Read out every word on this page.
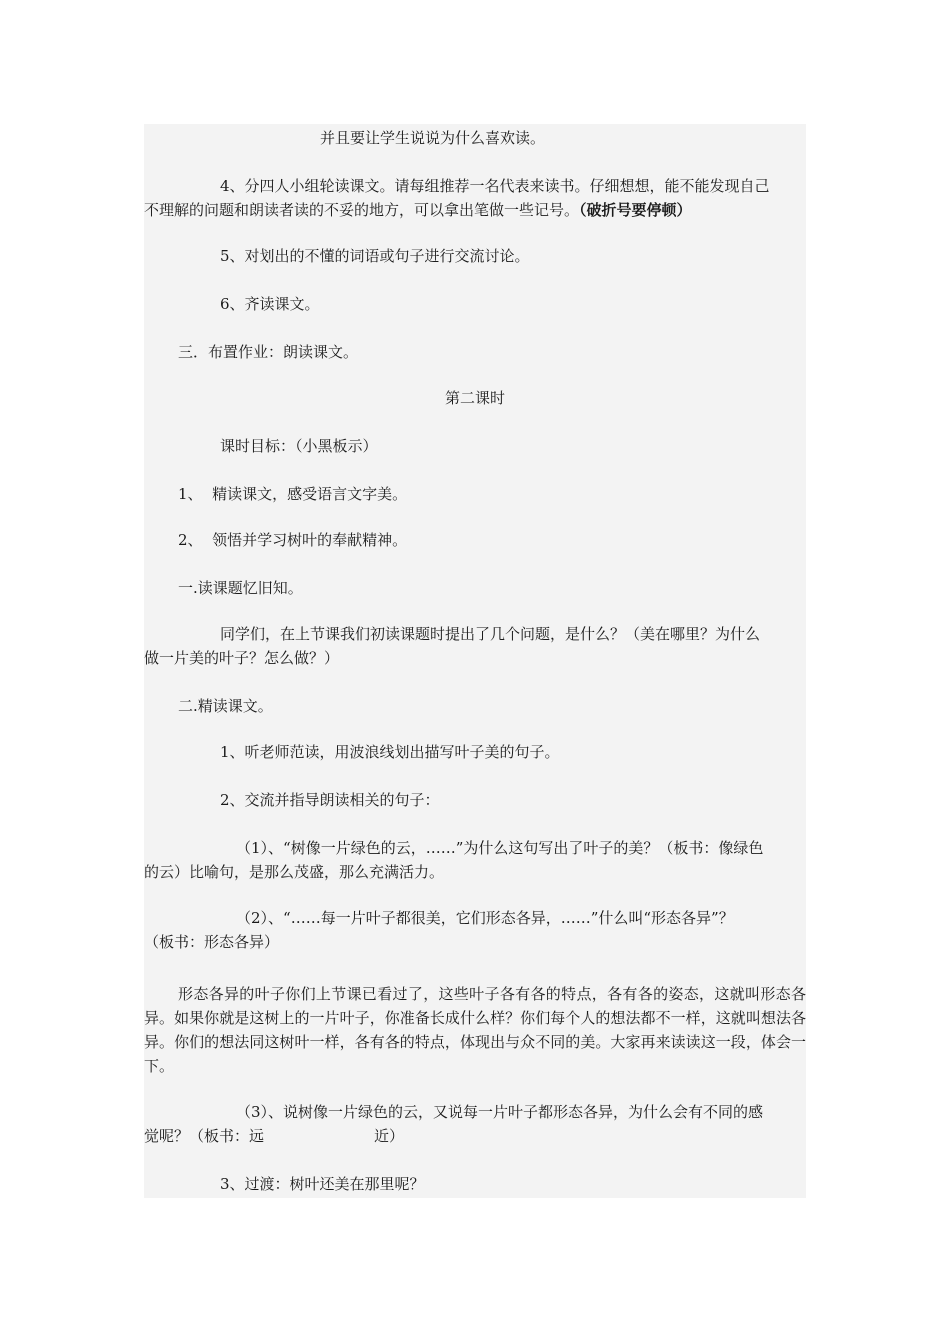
并且要让学生说说为什么喜欢读。
4、分四人小组轮读课文。请每组推荐一名代表来读书。仔细想想，能不能发现自己
不理解的问题和朗读者读的不妥的地方，可以拿出笔做一些记号。（破折号要停顿）
5、对划出的不懂的词语或句子进行交流讨论。
6、齐读课文。
三．布置作业：朗读课文。
第二课时
课时目标：（小黑板示）
1、  精读课文，感受语言文字美。
2、  领悟并学习树叶的奉献精神。
一.读课题忆旧知。
同学们，在上节课我们初读课题时提出了几个问题，是什么？（美在哪里？为什么
做一片美的叶子？怎么做？）
二.精读课文。
1、听老师范读，用波浪线划出描写叶子美的句子。
2、交流并指导朗读相关的句子：
（1）、“树像一片绿色的云，……”为什么这句写出了叶子的美？（板书：像绿色
的云）比喻句，是那么茂盛，那么充满活力。
（2）、“……每一片叶子都很美，它们形态各异，……”什么叫“形态各异”？
（板书：形态各异）
形态各异的叶子你们上节课已看过了，这些叶子各有各的特点，各有各的姿态，这就叫形态各异。如果你就是这树上的一片叶子，你准备长成什么样？你们每个人的想法都不一样，这就叫想法各异。你们的想法同这树叶一样，各有各的特点，体现出与众不同的美。大家再来读读这一段，体会一下。
（3）、说树像一片绿色的云，又说每一片叶子都形态各异，为什么会有不同的感
觉呢？（板书：远	近）
3、过渡：树叶还美在那里呢？
